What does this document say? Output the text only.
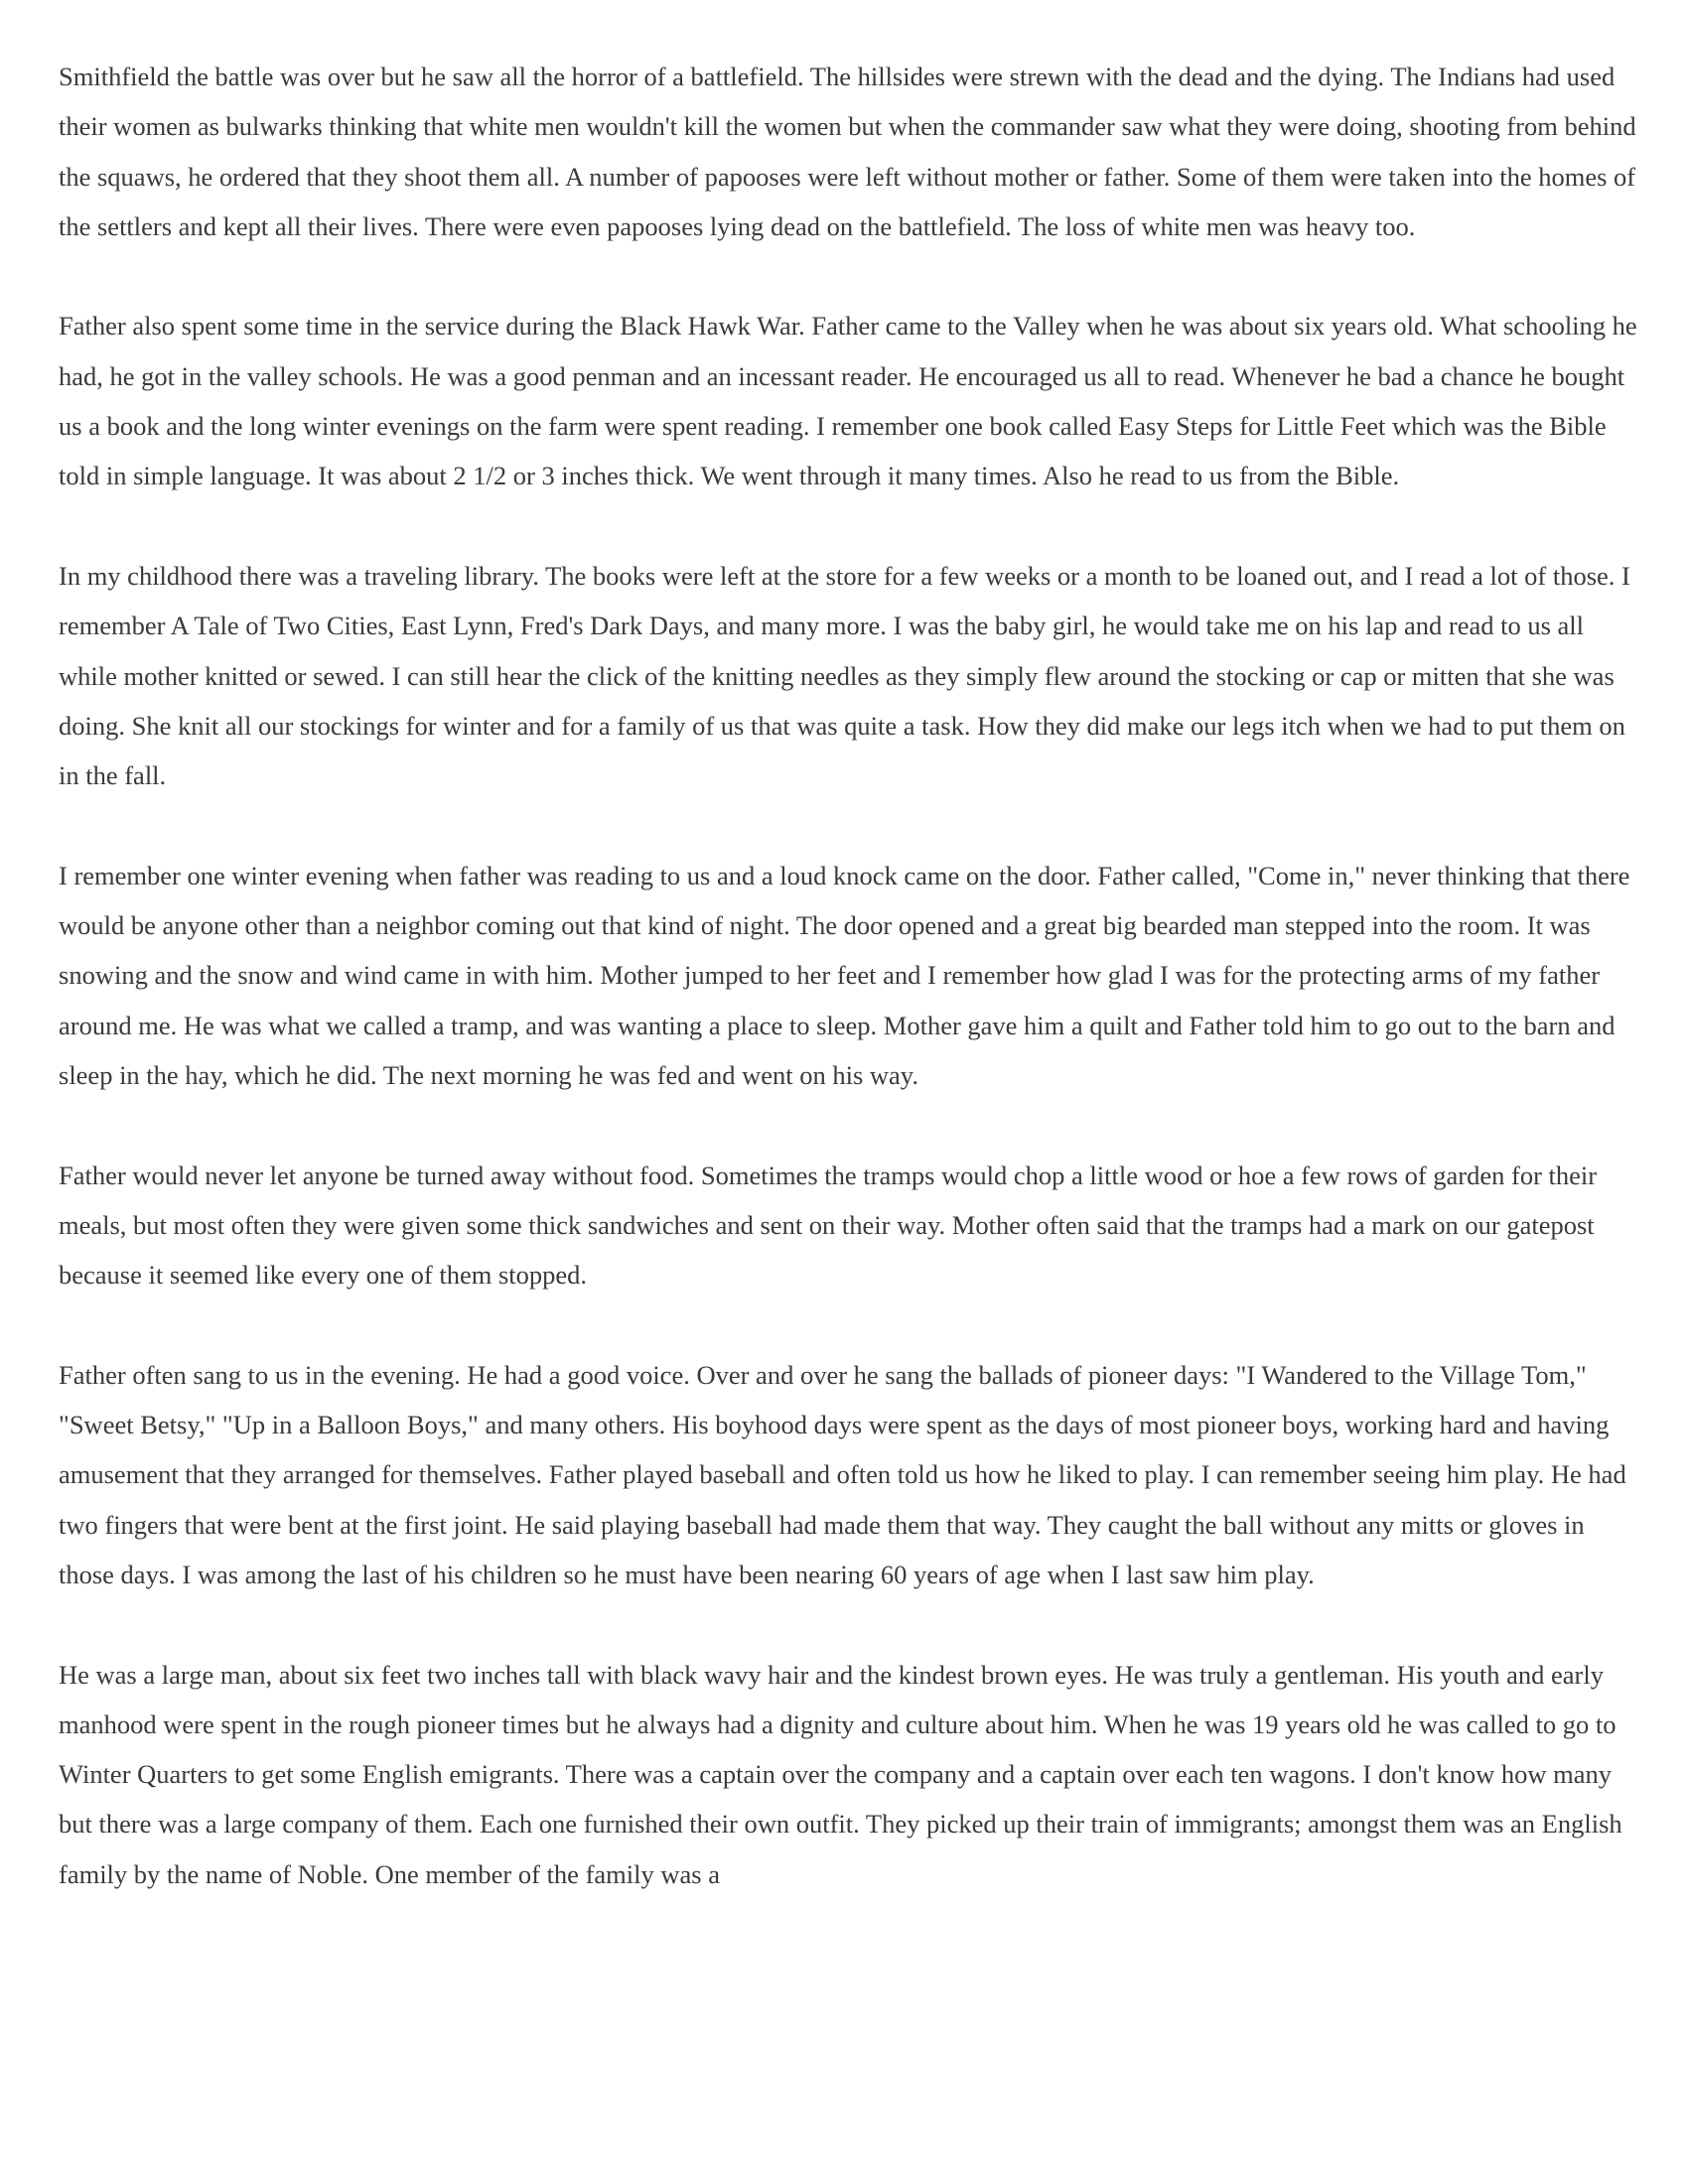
Smithfield the battle was over but he saw all the horror of a battlefield. The hillsides were strewn with the dead and the dying. The Indians had used their women as bulwarks thinking that white men wouldn't kill the women but when the commander saw what they were doing, shooting from behind the squaws, he ordered that they shoot them all. A number of papooses were left without mother or father. Some of them were taken into the homes of the settlers and kept all their lives. There were even papooses lying dead on the battlefield. The loss of white men was heavy too.

Father also spent some time in the service during the Black Hawk War. Father came to the Valley when he was about six years old. What schooling he had, he got in the valley schools. He was a good penman and an incessant reader. He encouraged us all to read. Whenever he bad a chance he bought us a book and the long winter evenings on the farm were spent reading. I remember one book called Easy Steps for Little Feet which was the Bible told in simple language. It was about 2 1/2 or 3 inches thick. We went through it many times. Also he read to us from the Bible.

In my childhood there was a traveling library. The books were left at the store for a few weeks or a month to be loaned out, and I read a lot of those. I remember A Tale of Two Cities, East Lynn, Fred's Dark Days, and many more. I was the baby girl, he would take me on his lap and read to us all while mother knitted or sewed. I can still hear the click of the knitting needles as they simply flew around the stocking or cap or mitten that she was doing. She knit all our stockings for winter and for a family of us that was quite a task. How they did make our legs itch when we had to put them on in the fall.

I remember one winter evening when father was reading to us and a loud knock came on the door. Father called, "Come in," never thinking that there would be anyone other than a neighbor coming out that kind of night. The door opened and a great big bearded man stepped into the room. It was snowing and the snow and wind came in with him. Mother jumped to her feet and I remember how glad I was for the protecting arms of my father around me. He was what we called a tramp, and was wanting a place to sleep. Mother gave him a quilt and Father told him to go out to the barn and sleep in the hay, which he did. The next morning he was fed and went on his way.

Father would never let anyone be turned away without food. Sometimes the tramps would chop a little wood or hoe a few rows of garden for their meals, but most often they were given some thick sandwiches and sent on their way. Mother often said that the tramps had a mark on our gatepost because it seemed like every one of them stopped.

Father often sang to us in the evening. He had a good voice. Over and over he sang the ballads of pioneer days: "I Wandered to the Village Tom," "Sweet Betsy," "Up in a Balloon Boys," and many others. His boyhood days were spent as the days of most pioneer boys, working hard and having amusement that they arranged for themselves. Father played baseball and often told us how he liked to play. I can remember seeing him play. He had two fingers that were bent at the first joint. He said playing baseball had made them that way. They caught the ball without any mitts or gloves in those days. I was among the last of his children so he must have been nearing 60 years of age when I last saw him play.

He was a large man, about six feet two inches tall with black wavy hair and the kindest brown eyes. He was truly a gentleman. His youth and early manhood were spent in the rough pioneer times but he always had a dignity and culture about him. When he was 19 years old he was called to go to Winter Quarters to get some English emigrants. There was a captain over the company and a captain over each ten wagons. I don't know how many but there was a large company of them. Each one furnished their own outfit. They picked up their train of immigrants; amongst them was an English family by the name of Noble. One member of the family was a
